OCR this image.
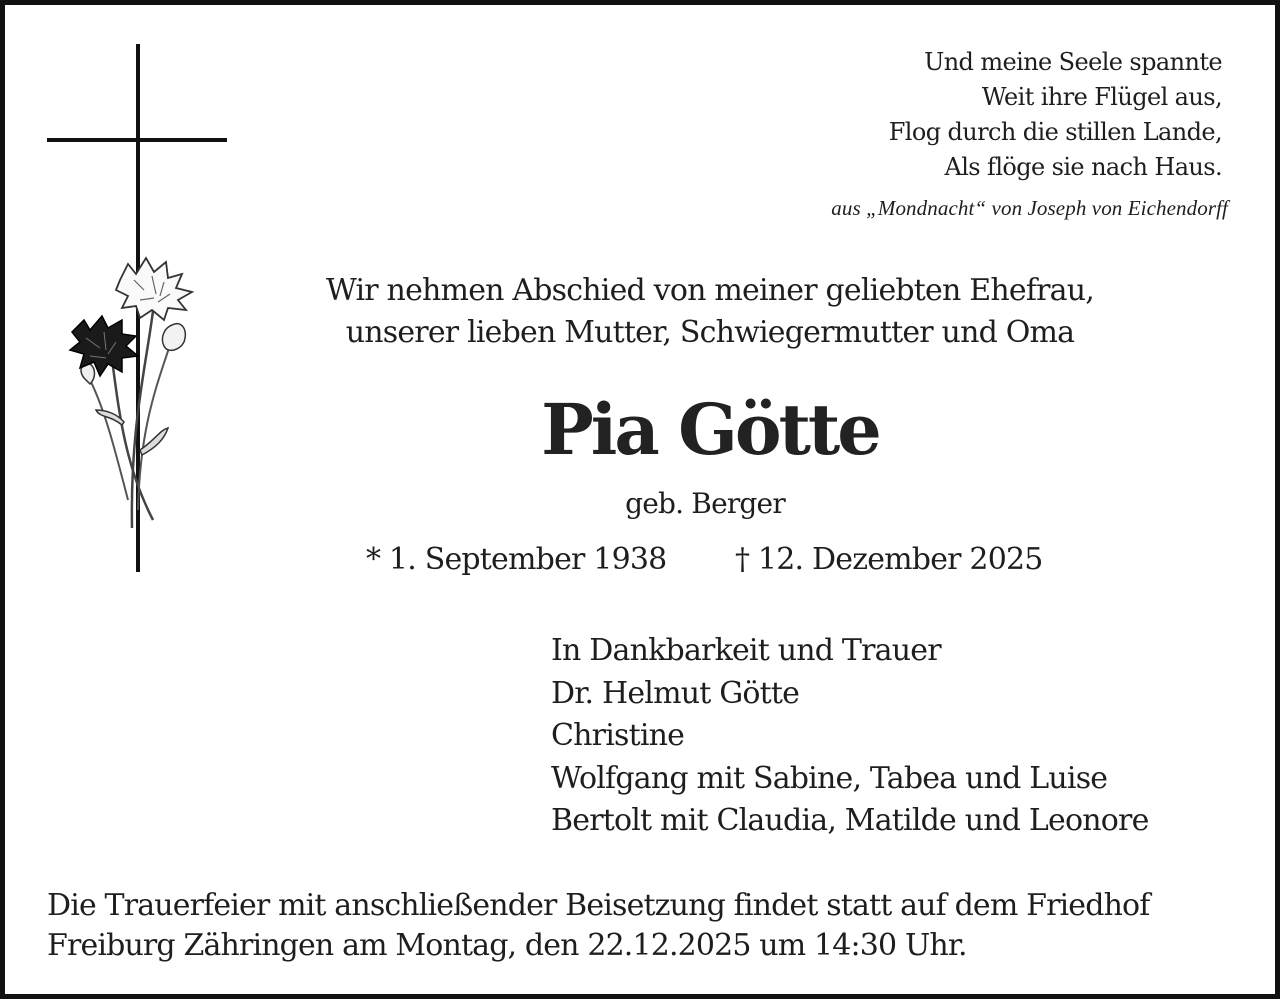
Und meine Seele spannte
Weit ihre Flügel aus,
Flog durch die stillen Lande,
Als flöge sie nach Haus.
aus „Mondnacht“ von Joseph von Eichendorff
Wir nehmen Abschied von meiner geliebten Ehefrau,
unserer lieben Mutter, Schwiegermutter und Oma
Pia Götte
geb. Berger
* 1. September 1938 † 12. Dezember 2025
In Dankbarkeit und Trauer
Dr. Helmut Götte
Christine
Wolfgang mit Sabine, Tabea und Luise
Bertolt mit Claudia, Matilde und Leonore
Die Trauerfeier mit anschließender Beisetzung findet statt auf dem Friedhof
Freiburg Zähringen am Montag, den 22.12.2025 um 14:30 Uhr.
